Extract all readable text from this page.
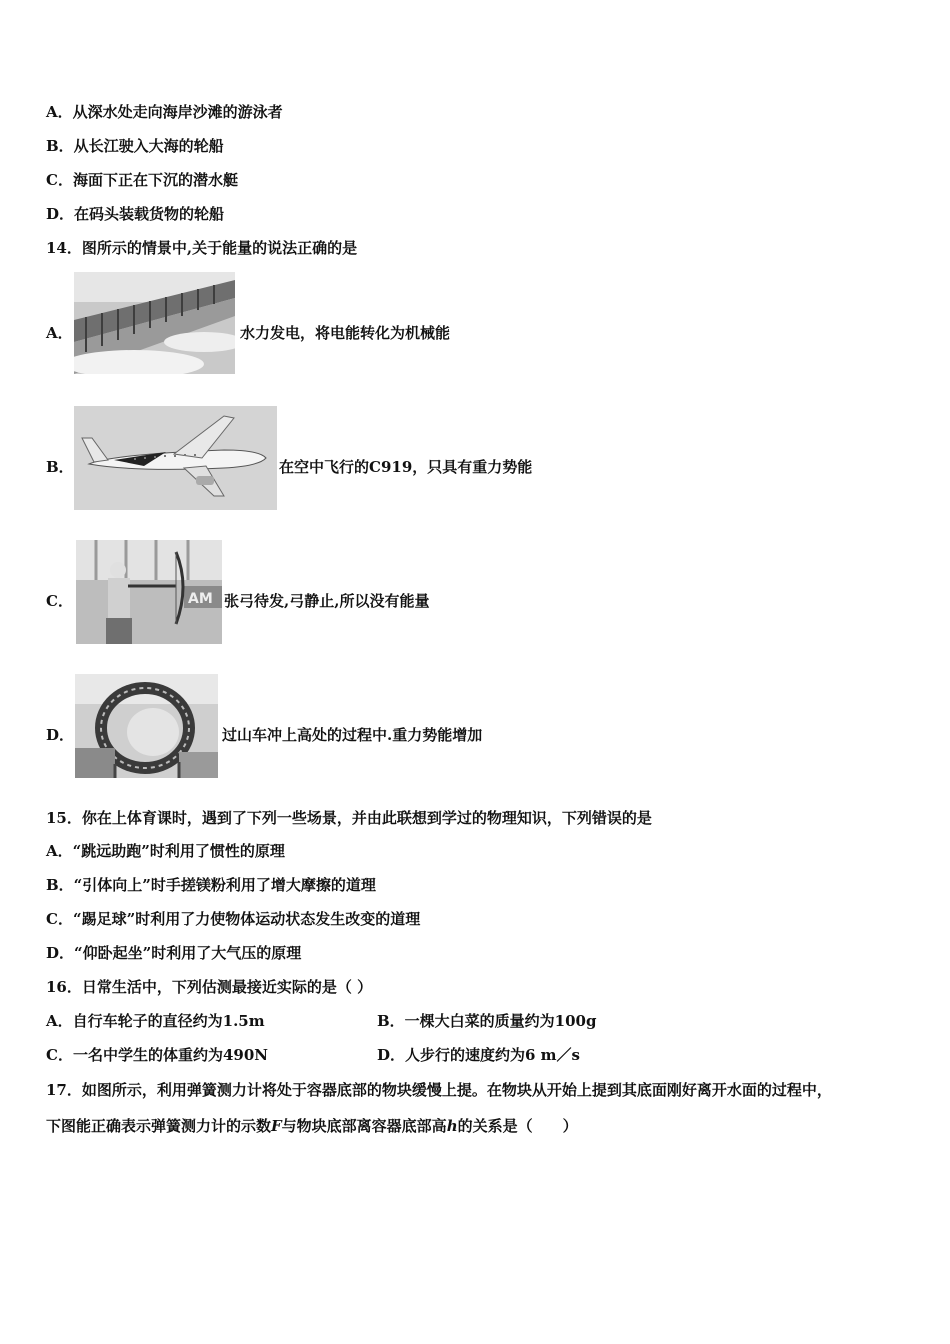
A．从深水处走向海岸沙滩的游泳者
B．从长江驶入大海的轮船
C．海面下正在下沉的潜水艇
D．在码头装载货物的轮船
14．图所示的情景中,关于能量的说法正确的是
A．	水力发电，将电能转化为机械能
B．	在空中飞行的C919，只具有重力势能
C．	AM 张弓待发,弓静止,所以没有能量
D．	过山车冲上高处的过程中.重力势能增加
15．你在上体育课时，遇到了下列一些场景，并由此联想到学过的物理知识，下列错误的是
A．“跳远助跑”时利用了惯性的原理
B．“引体向上”时手搓镁粉利用了增大摩擦的道理
C．“踢足球”时利用了力使物体运动状态发生改变的道理
D．“仰卧起坐”时利用了大气压的原理
16．日常生活中，下列估测最接近实际的是（ ）
A．自行车轮子的直径约为1.5m	B．一棵大白菜的质量约为100g
C．一名中学生的体重约为490N	D．人步行的速度约为6 m／s
17．如图所示，利用弹簧测力计将处于容器底部的物块缓慢上提。在物块从开始上提到其底面刚好离开水面的过程中，
下图能正确表示弹簧测力计的示数F与物块底部离容器底部高h的关系是（　　）
